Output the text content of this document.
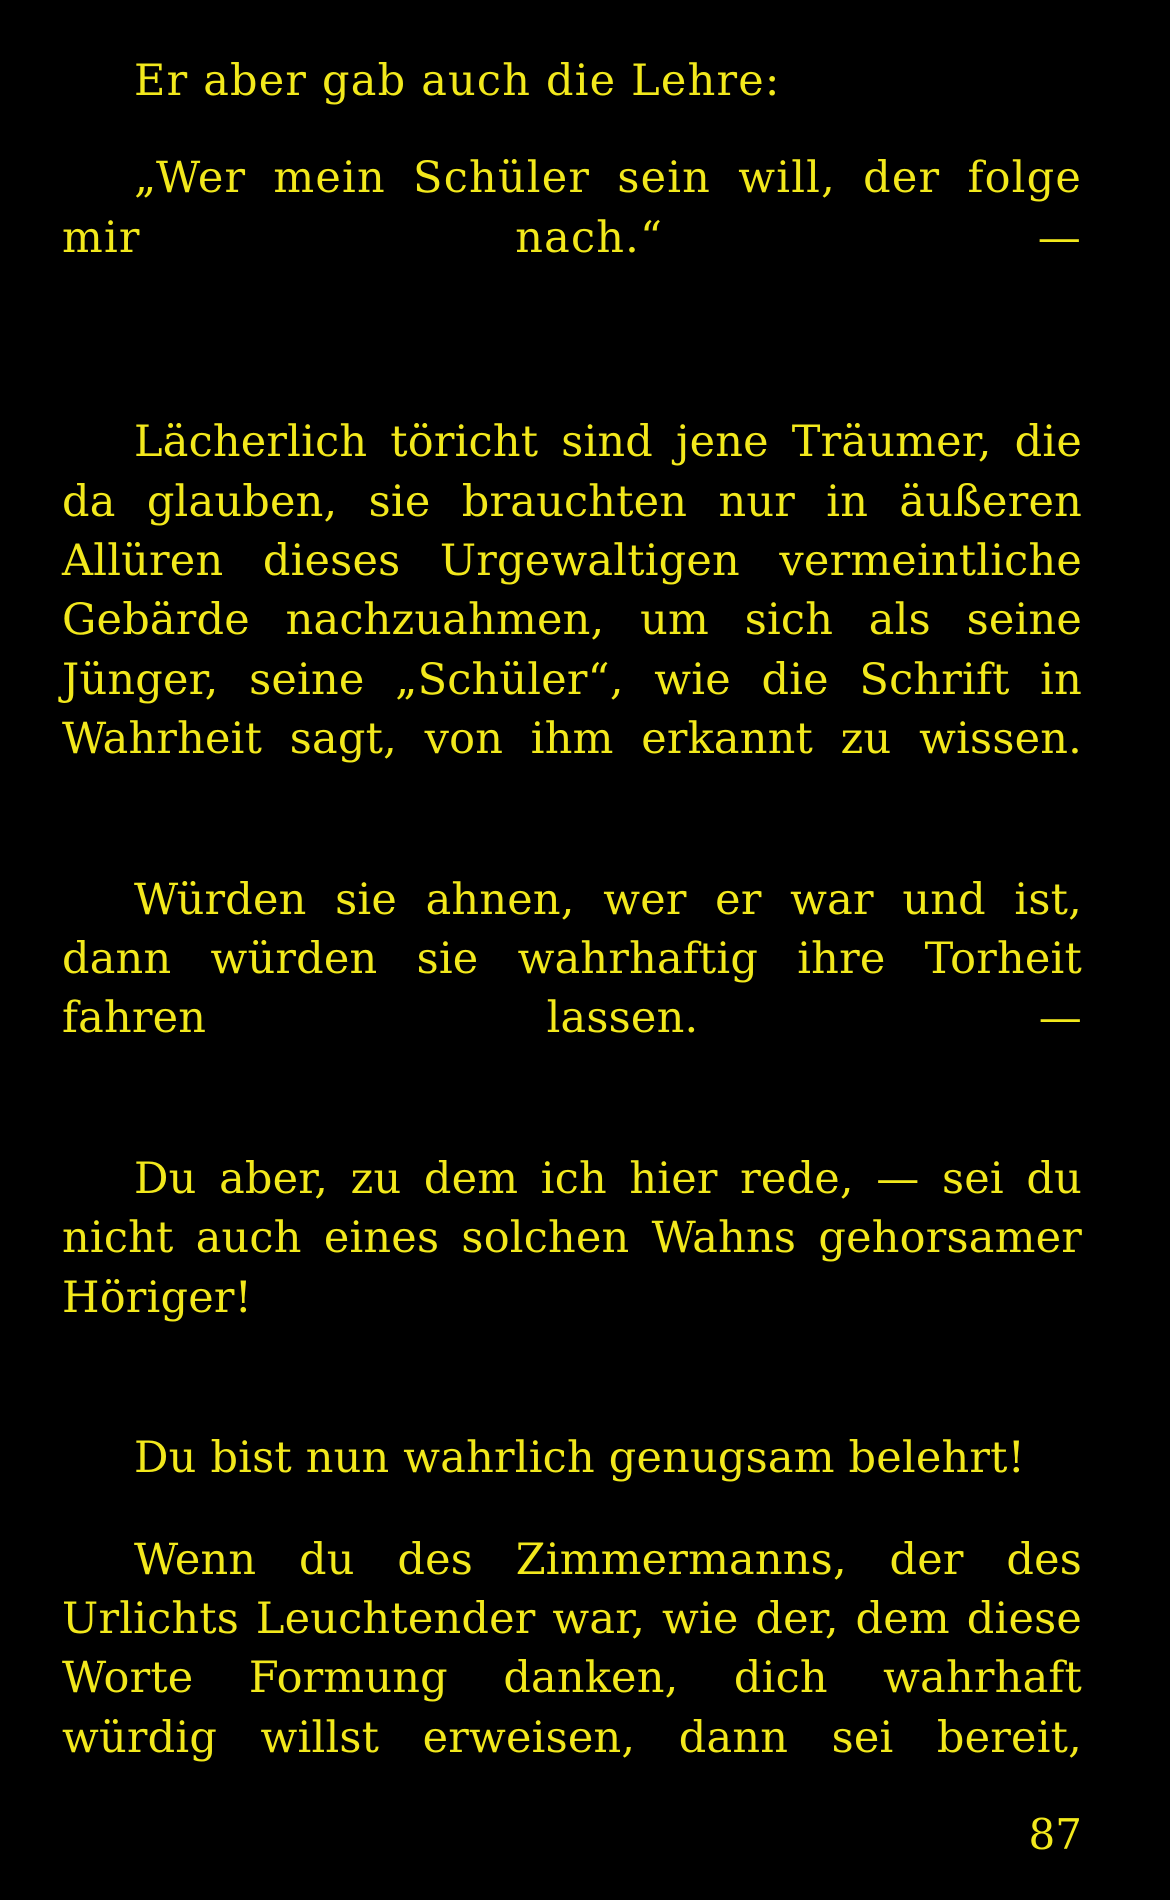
Er aber gab auch die Lehre:

„Wer mein Schüler sein will, der folge mir nach.“ —

Lächerlich töricht sind jene Träumer, die da glauben, sie brauchten nur in äußeren Allüren dieses Urgewaltigen vermeintliche Gebärde nachzuahmen, um sich als seine Jünger, seine „Schüler“, wie die Schrift in Wahrheit sagt, von ihm erkannt zu wissen.

Würden sie ahnen, wer er war und ist, dann würden sie wahrhaftig ihre Torheit fahren lassen. —

Du aber, zu dem ich hier rede, — sei du nicht auch eines solchen Wahns gehorsamer Höriger!

Du bist nun wahrlich genugsam belehrt!

Wenn du des Zimmermanns, der des Urlichts Leuchtender war, wie der, dem diese Worte Formung danken, dich wahrhaft würdig willst erweisen, dann sei bereit,

87
